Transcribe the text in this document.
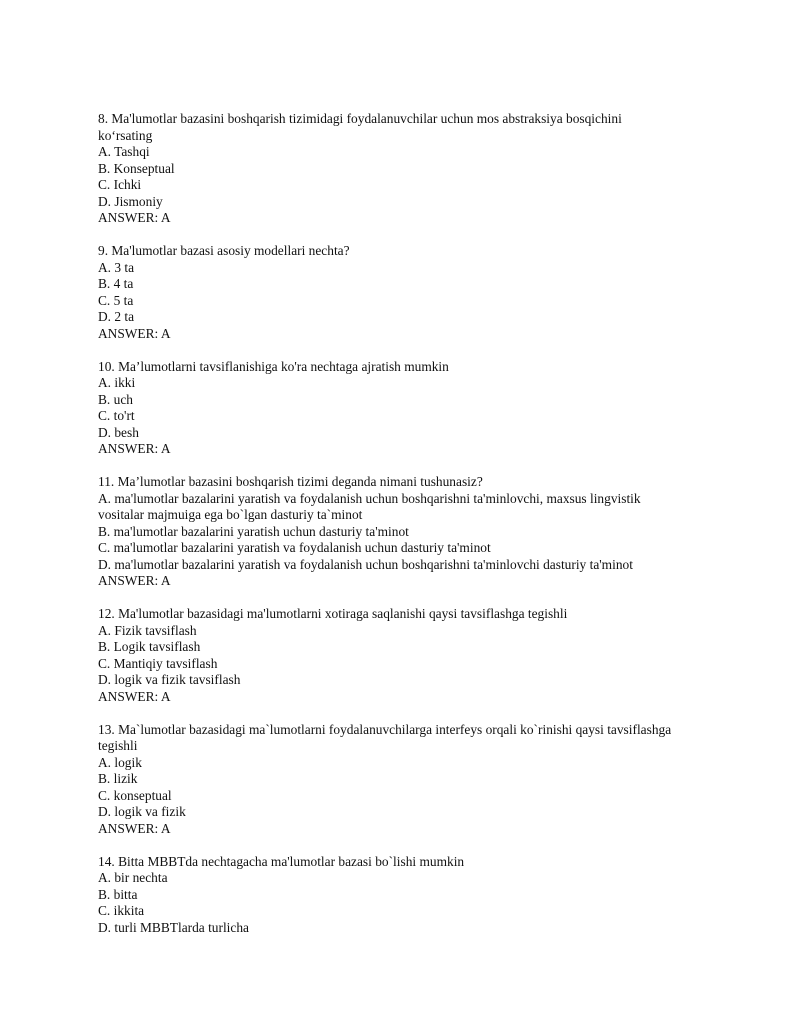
8. Ma'lumotlar bazasini boshqarish tizimidagi foydalanuvchilar uchun mos abstraksiya bosqichini ko‘rsating
A. Tashqi
B. Konseptual
C. Ichki
D. Jismoniy
ANSWER: A
9. Ma'lumotlar bazasi asosiy modellari nechta?
A. 3 ta
B. 4 ta
C. 5 ta
D. 2 ta
ANSWER: A
10. Ma’lumotlarni tavsiflanishiga ko'ra nechtaga ajratish mumkin
A. ikki
B. uch
C. to'rt
D. besh
ANSWER: A
11. Ma’lumotlar bazasini boshqarish tizimi deganda nimani tushunasiz?
A. ma'lumotlar bazalarini yaratish va foydalanish uchun boshqarishni ta'minlovchi, maxsus lingvistik vositalar majmuiga ega bo`lgan dasturiy ta`minot
B. ma'lumotlar bazalarini yaratish uchun dasturiy ta'minot
C. ma'lumotlar bazalarini yaratish va foydalanish uchun dasturiy ta'minot
D. ma'lumotlar bazalarini yaratish va foydalanish uchun boshqarishni ta'minlovchi dasturiy ta'minot
ANSWER: A
12. Ma'lumotlar bazasidagi ma'lumotlarni xotiraga saqlanishi qaysi tavsiflashga tegishli
A. Fizik tavsiflash
B. Logik tavsiflash
C. Mantiqiy tavsiflash
D. logik va fizik tavsiflash
ANSWER: A
13. Ma`lumotlar bazasidagi ma`lumotlarni foydalanuvchilarga interfeys orqali ko`rinishi qaysi tavsiflashga tegishli
A. logik
B. lizik
C. konseptual
D. logik va fizik
ANSWER: A
14. Bitta MBBTda nechtagacha ma'lumotlar bazasi bo`lishi mumkin
A. bir nechta
B. bitta
C. ikkita
D. turli MBBTlarda turlicha
